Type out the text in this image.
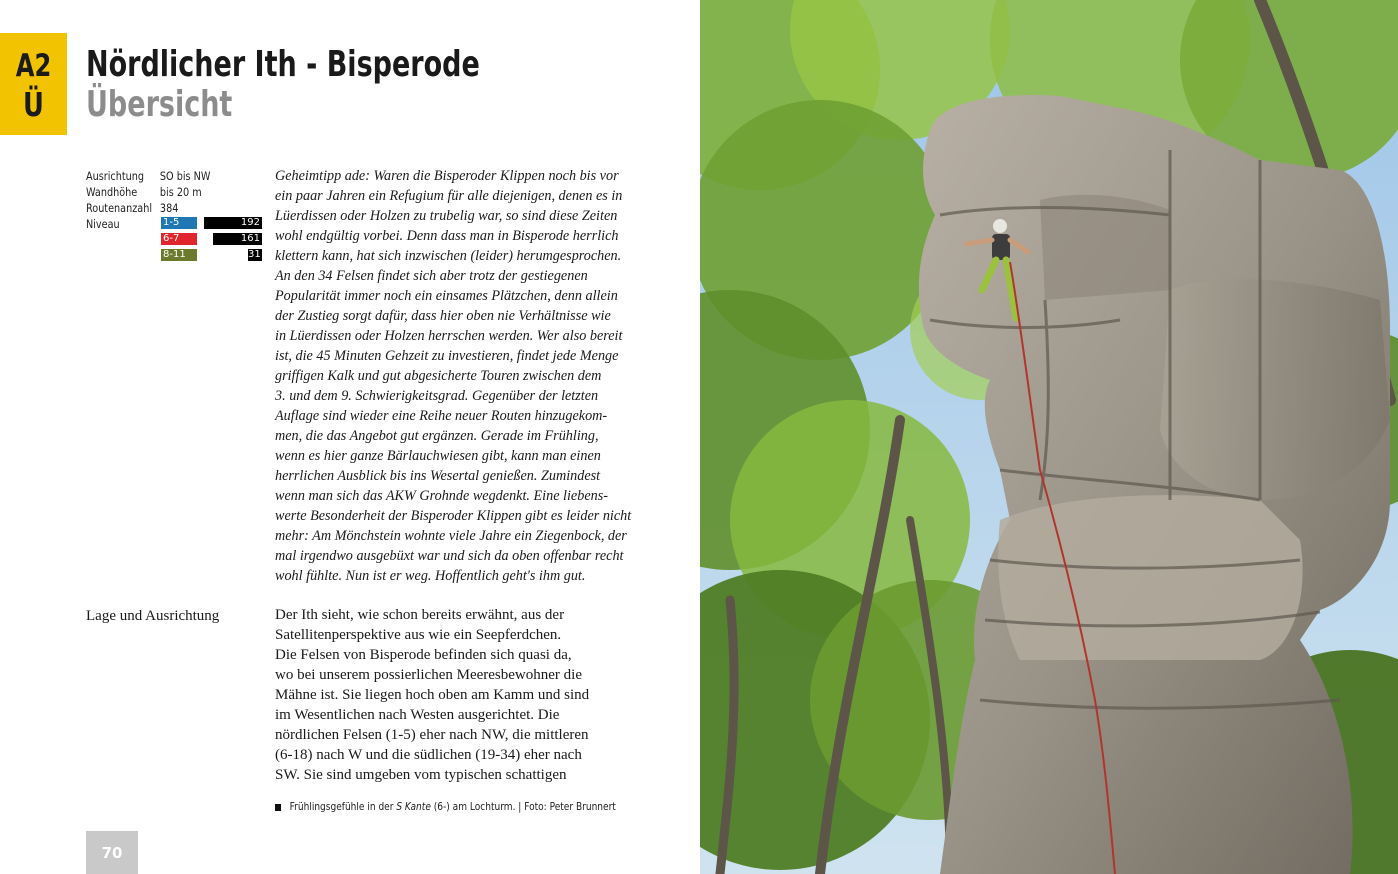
A2
Ü
Nördlicher Ith - Bisperode
Übersicht
Ausrichtung SO bis NW
Wandhöhe bis 20 m
Routenanzahl 384
Niveau	1-5	192
6-7	161
8-11	31

Geheimtipp ade: Waren die Bisperoder Klippen noch bis vor

ein paar Jahren ein Refugium für alle diejenigen, denen es in

Lüerdissen oder Holzen zu trubelig war, so sind diese Zeiten

wohl endgültig vorbei. Denn dass man in Bisperode herrlich

klettern kann, hat sich inzwischen (leider) herumgesprochen.

An den 34 Felsen findet sich aber trotz der gestiegenen

Popularität immer noch ein einsames Plätzchen, denn allein

der Zustieg sorgt dafür, dass hier oben nie Verhältnisse wie

in Lüerdissen oder Holzen herrschen werden. Wer also bereit

ist, die 45 Minuten Gehzeit zu investieren, findet jede Menge

griffigen Kalk und gut abgesicherte Touren zwischen dem

3. und dem 9. Schwierigkeitsgrad. Gegenüber der letzten

Auflage sind wieder eine Reihe neuer Routen hinzugekom-

men, die das Angebot gut ergänzen. Gerade im Frühling,

wenn es hier ganze Bärlauchwiesen gibt, kann man einen

herrlichen Ausblick bis ins Wesertal genießen. Zumindest

wenn man sich das AKW Grohnde wegdenkt. Eine liebens-

werte Besonderheit der Bisperoder Klippen gibt es leider nicht

mehr: Am Mönchstein wohnte viele Jahre ein Ziegenbock, der

mal irgendwo ausgebüxt war und sich da oben offenbar recht

wohl fühlte. Nun ist er weg. Hoffentlich geht's ihm gut.

Lage und Ausrichtung	Der Ith sieht, wie schon bereits erwähnt, aus der

Satellitenperspektive aus wie ein Seepferdchen.

Die Felsen von Bisperode befinden sich quasi da,

wo bei unserem possierlichen Meeresbewohner die

Mähne ist. Sie liegen hoch oben am Kamm und sind

im Wesentlichen nach Westen ausgerichtet. Die

nördlichen Felsen (1-5) eher nach NW, die mittleren

(6-18) nach W und die südlichen (19-34) eher nach

SW. Sie sind umgeben vom typischen schattigen

Frühlingsgefühle in der S Kante (6-) am Lochturm. | Foto: Peter Brunnert
70
